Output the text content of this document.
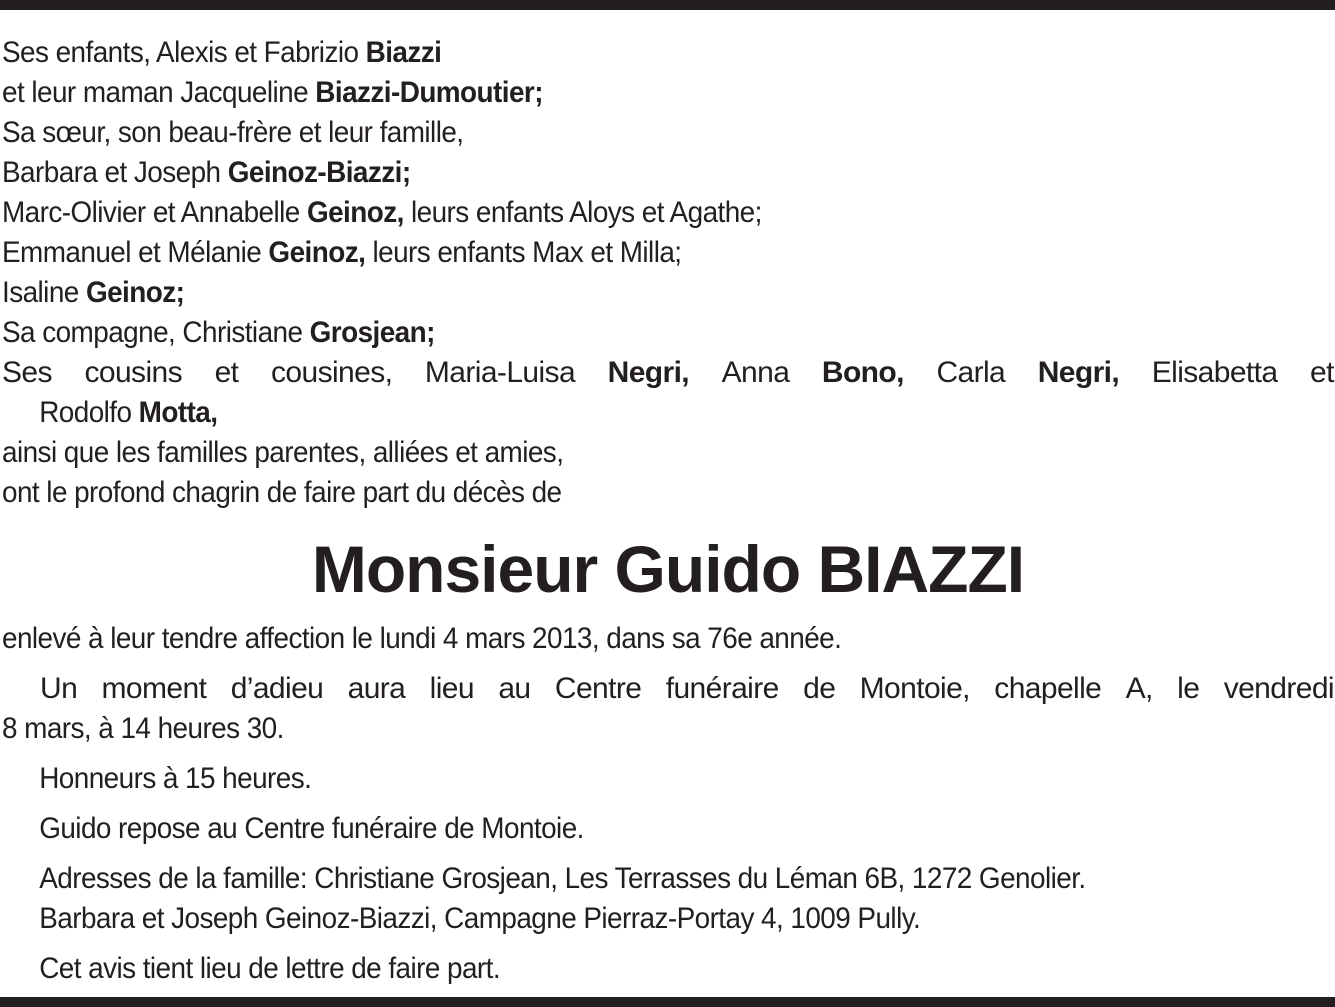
Ses enfants, Alexis et Fabrizio Biazzi
et leur maman Jacqueline Biazzi-Dumoutier;
Sa sœur, son beau-frère et leur famille,
Barbara et Joseph Geinoz-Biazzi;
Marc-Olivier et Annabelle Geinoz, leurs enfants Aloys et Agathe;
Emmanuel et Mélanie Geinoz, leurs enfants Max et Milla;
Isaline Geinoz;
Sa compagne, Christiane Grosjean;
Ses cousins et cousines, Maria-Luisa Negri, Anna Bono, Carla Negri, Elisabetta et
Rodolfo Motta,
ainsi que les familles parentes, alliées et amies,
ont le profond chagrin de faire part du décès de
Monsieur Guido BIAZZI
enlevé à leur tendre affection le lundi 4 mars 2013, dans sa 76e année.
Un moment d’adieu aura lieu au Centre funéraire de Montoie, chapelle A, le vendredi
8 mars, à 14 heures 30.
Honneurs à 15 heures.
Guido repose au Centre funéraire de Montoie.
Adresses de la famille: Christiane Grosjean, Les Terrasses du Léman 6B, 1272 Genolier.
Barbara et Joseph Geinoz-Biazzi, Campagne Pierraz-Portay 4, 1009 Pully.
Cet avis tient lieu de lettre de faire part.
